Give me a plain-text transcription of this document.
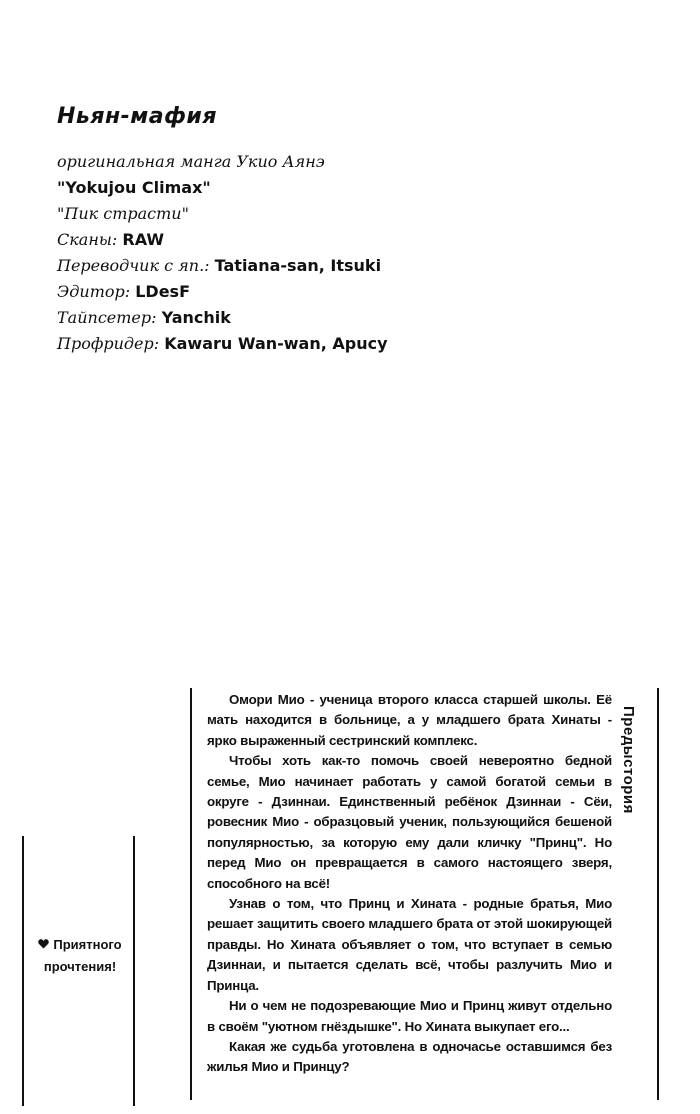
Ньян-мафия
оригинальная манга Укио Аянэ
"Yokujou Climax"
"Пик страсти"
Сканы: RAW
Переводчик с яп.: Tatiana-san, Itsuki
Эдитор: LDesF
Тайпсетер: Yanchik
Профридер: Kawaru Wan-wan, Apucy
Приятного
прочтения!

Омори Мио - ученица второго класса старшей школы. Её мать находится в больнице, а у младшего брата Хинаты - ярко выраженный сестринский комплекс.

Чтобы хоть как-то помочь своей невероятно бедной семье, Мио начинает работать у самой богатой семьи в округе - Дзиннаи. Единственный ребёнок Дзиннаи - Сёи, ровесник Мио - образцовый ученик, пользующийся бешеной популярностью, за которую ему дали кличку "Принц". Но перед Мио он превращается в самого настоящего зверя, способного на всё!

Узнав о том, что Принц и Хината - родные братья, Мио решает защитить своего младшего брата от этой шокирующей правды. Но Хината объявляет о том, что вступает в семью Дзиннаи, и пытается сделать всё, чтобы разлучить Мио и Принца.

Ни о чем не подозревающие Мио и Принц живут отдельно в своём "уютном гнёздышке". Но Хината выкупает его...

Какая же судьба уготовлена в одночасье оставшимся без жилья Мио и Принцу?

Предыстория
